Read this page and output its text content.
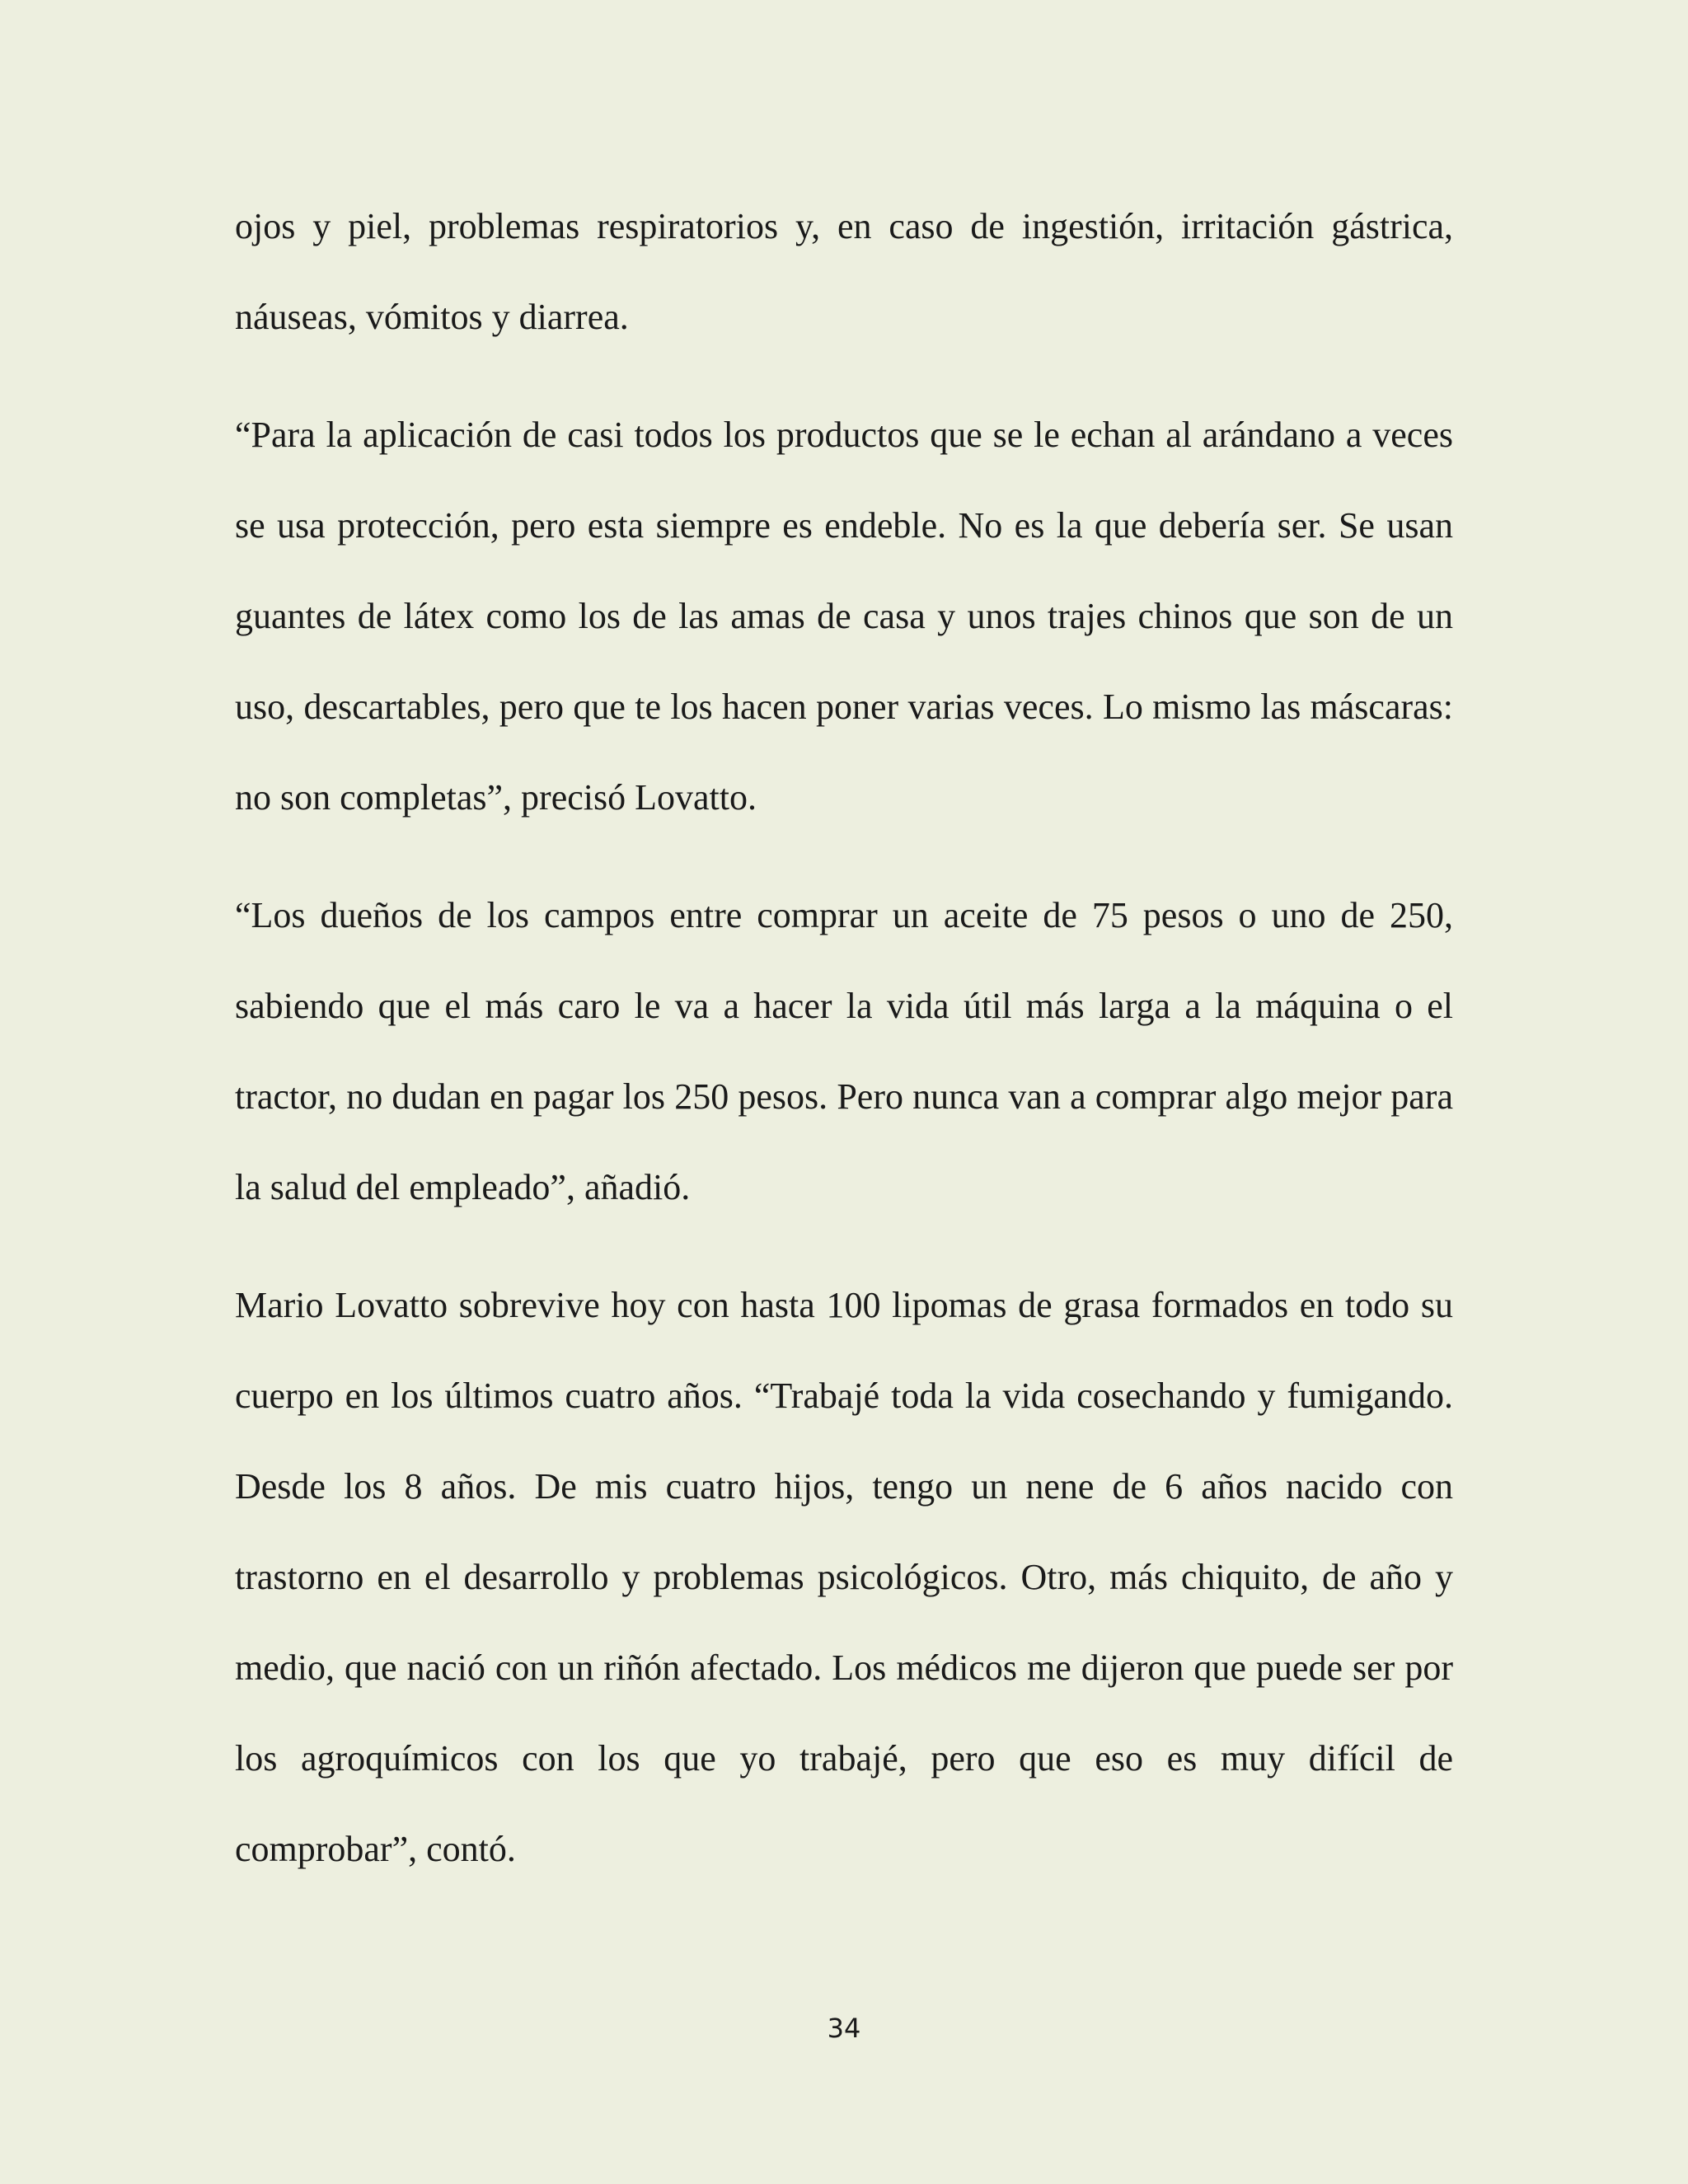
ojos y piel, problemas respiratorios y, en caso de ingestión, irritación gástrica, náuseas, vómitos y diarrea.

“Para la aplicación de casi todos los productos que se le echan al arándano a veces se usa protección, pero esta siempre es endeble. No es la que debería ser. Se usan guantes de látex como los de las amas de casa y unos trajes chinos que son de un uso, descartables, pero que te los hacen poner varias veces. Lo mismo las máscaras: no son completas”, precisó Lovatto.

“Los dueños de los campos entre comprar un aceite de 75 pesos o uno de 250, sabiendo que el más caro le va a hacer la vida útil más larga a la máquina o el tractor, no dudan en pagar los 250 pesos. Pero nunca van a comprar algo mejor para la salud del empleado”, añadió.

Mario Lovatto sobrevive hoy con hasta 100 lipomas de grasa formados en todo su cuerpo en los últimos cuatro años. “Trabajé toda la vida cosechando y fumigando. Desde los 8 años. De mis cuatro hijos, tengo un nene de 6 años nacido con trastorno en el desarrollo y problemas psicológicos. Otro, más chiquito, de año y medio, que nació con un riñón afectado. Los médicos me dijeron que puede ser por los agroquímicos con los que yo trabajé, pero que eso es muy difícil de comprobar”, contó.

34
